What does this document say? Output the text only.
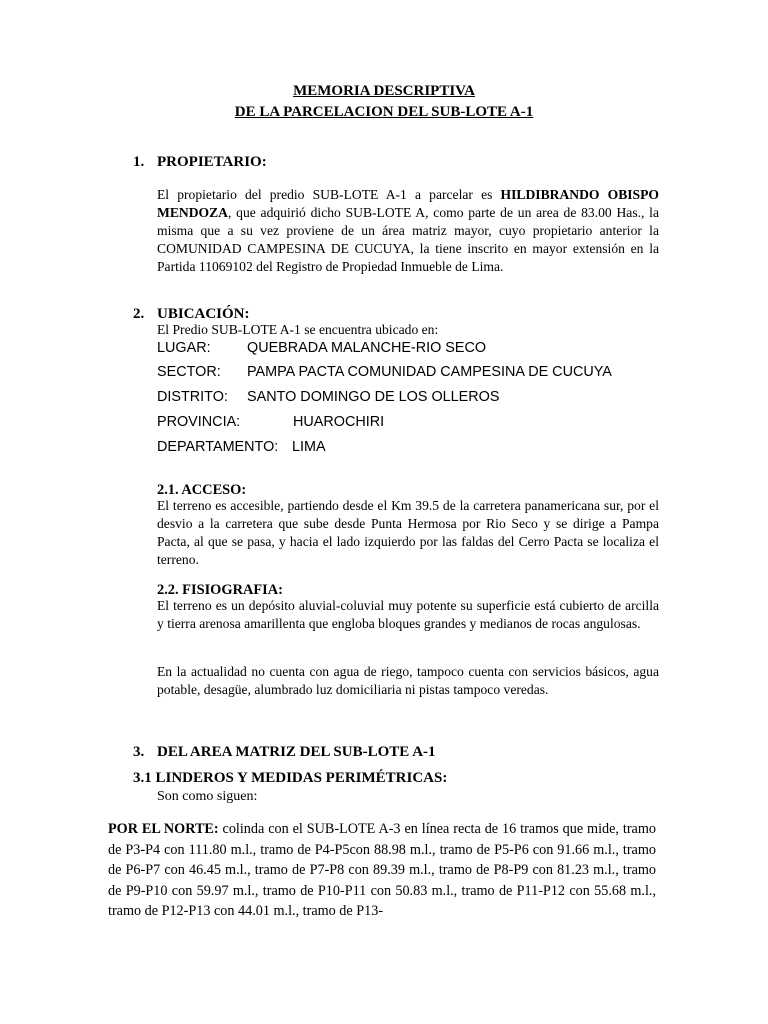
MEMORIA DESCRIPTIVA
DE LA PARCELACION DEL SUB-LOTE A-1
1. PROPIETARIO:
El propietario del predio SUB-LOTE A-1 a parcelar es HILDIBRANDO OBISPO MENDOZA, que adquirió dicho SUB-LOTE A, como parte de un area de 83.00 Has., la misma que a su vez proviene de un área matriz mayor, cuyo propietario anterior la COMUNIDAD CAMPESINA DE CUCUYA, la tiene inscrito en mayor extensión en la Partida 11069102 del Registro de Propiedad Inmueble de Lima.
2. UBICACIÓN:
El Predio SUB-LOTE A-1 se encuentra ubicado en:
LUGAR:	QUEBRADA MALANCHE-RIO SECO
SECTOR: PAMPA PACTA COMUNIDAD CAMPESINA DE CUCUYA
DISTRITO: SANTO DOMINGO DE LOS OLLEROS
PROVINCIA:	HUAROCHIRI
DEPARTAMENTO: LIMA
2.1. ACCESO:
El terreno es accesible, partiendo desde el Km 39.5 de la carretera panamericana sur, por el desvio a la carretera que sube desde Punta Hermosa por Rio Seco y se dirige a Pampa Pacta, al que se pasa, y hacia el lado izquierdo por las faldas del Cerro Pacta se localiza el terreno.
2.2. FISIOGRAFIA:
El terreno es un depósito aluvial-coluvial muy potente su superficie está cubierto de arcilla y tierra arenosa amarillenta que engloba bloques grandes y medianos de rocas angulosas.
En la actualidad no cuenta con agua de riego, tampoco cuenta con servicios básicos, agua potable, desagüe, alumbrado luz domiciliaria ni pistas tampoco veredas.
3. DEL AREA MATRIZ DEL SUB-LOTE A-1
3.1 LINDEROS Y MEDIDAS PERIMÉTRICAS:
Son como siguen:
POR EL NORTE: colinda con el SUB-LOTE A-3 en línea recta de 16 tramos que mide, tramo de P3-P4 con 111.80 m.l., tramo de P4-P5con 88.98 m.l., tramo de P5-P6 con 91.66 m.l., tramo de P6-P7 con 46.45 m.l., tramo de P7-P8 con 89.39 m.l., tramo de P8-P9 con 81.23 m.l., tramo de P9-P10 con 59.97 m.l., tramo de P10-P11 con 50.83 m.l., tramo de P11-P12 con 55.68 m.l., tramo de P12-P13 con 44.01 m.l., tramo de P13-
